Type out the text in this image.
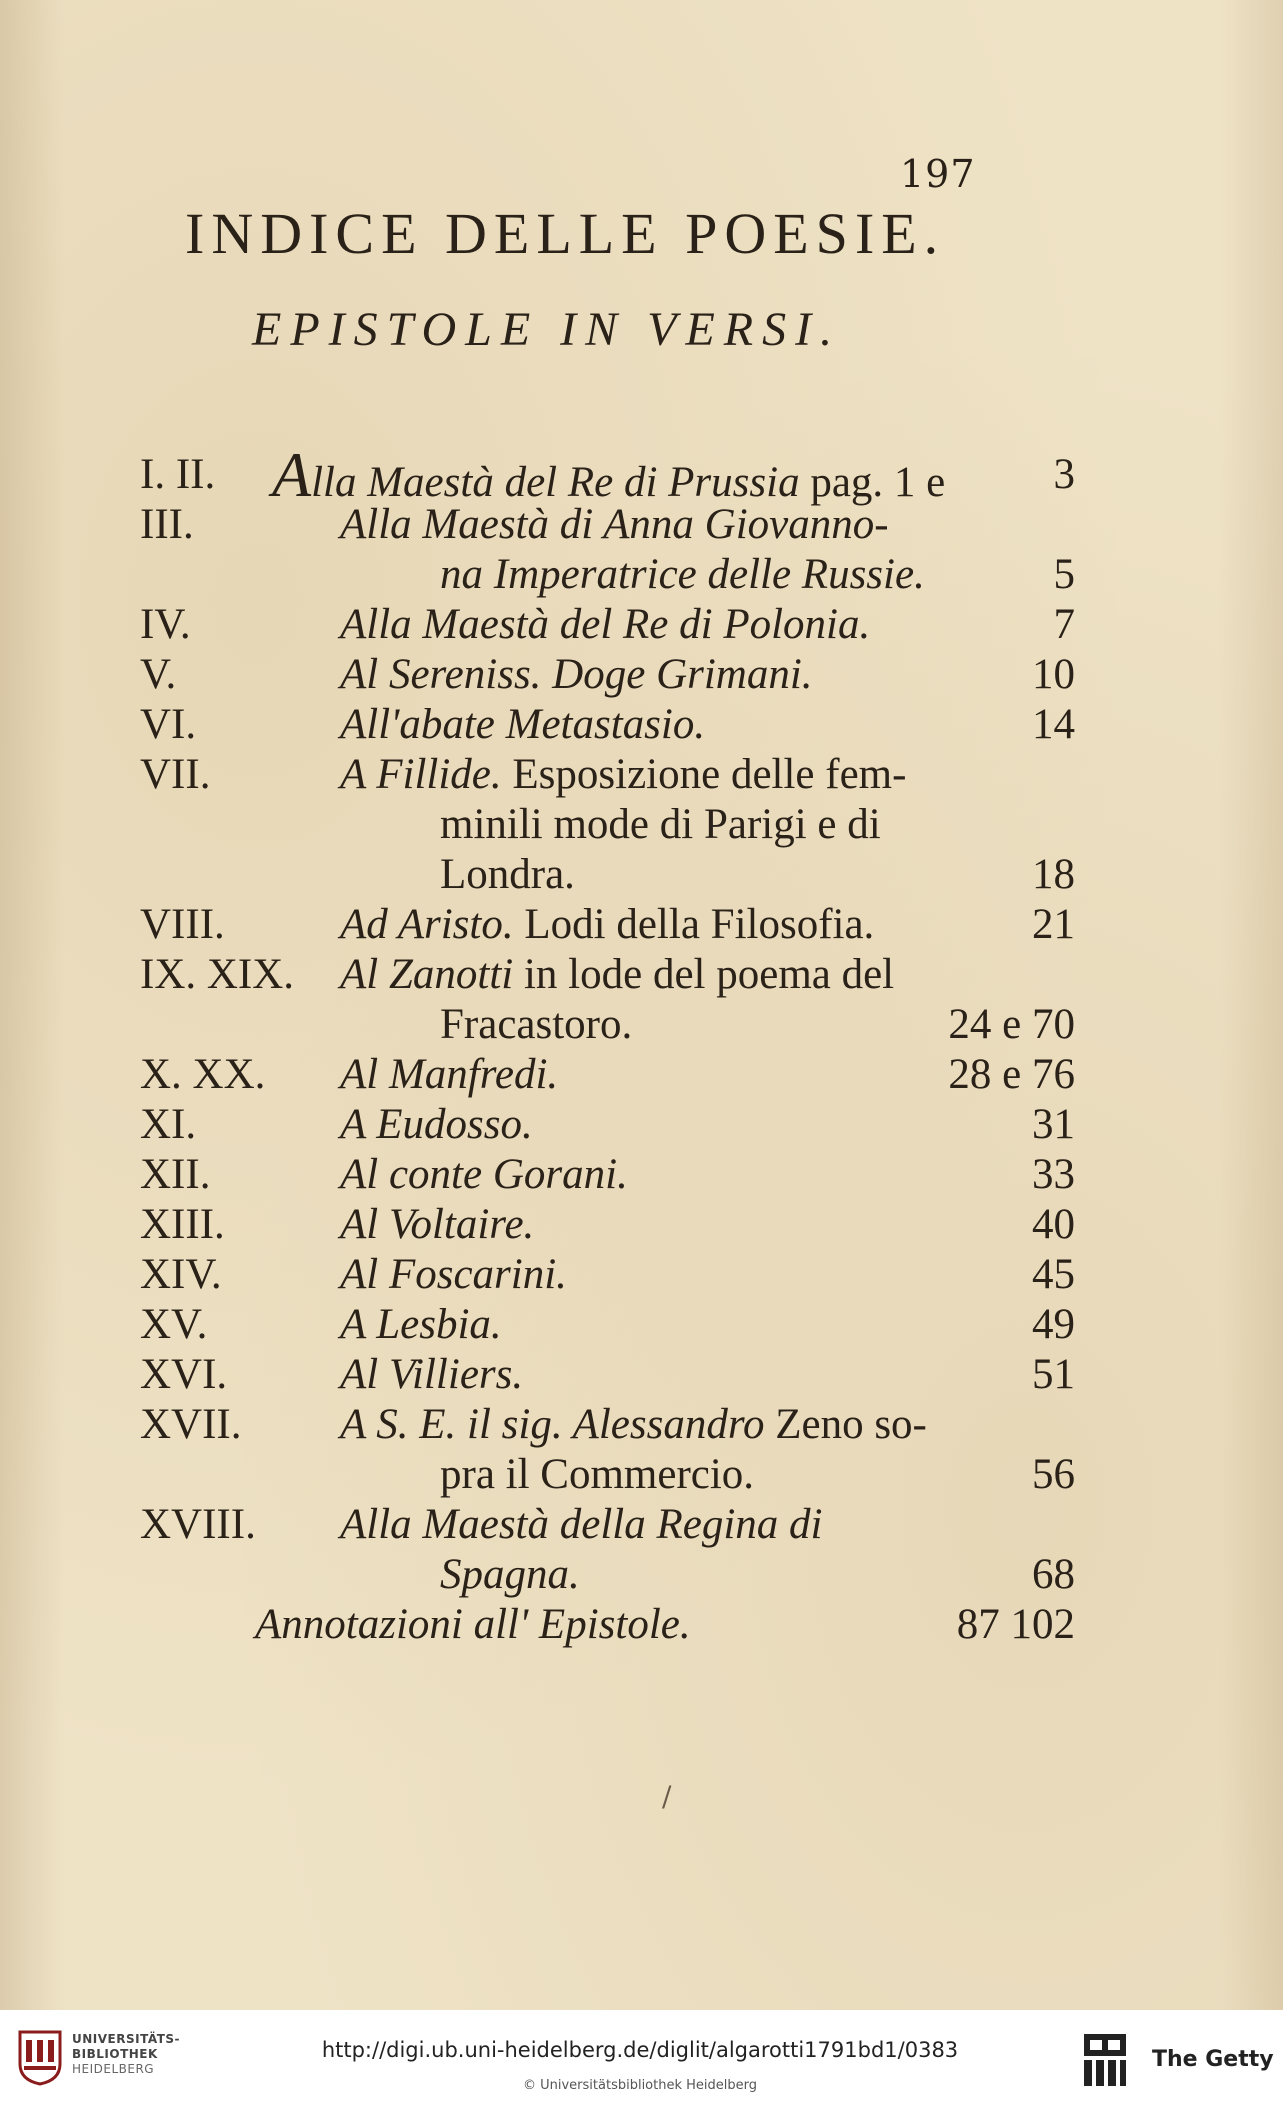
197
INDICE DELLE POESIE.
EPISTOLE IN VERSI.
I. II. Alla Maestà del Re di Prussia pag. 1 e	3
III.	Alla Maestà di Anna Giovanno-
na Imperatrice delle Russie.	5
IV.	Alla Maestà del Re di Polonia.	7
V.	Al Sereniss. Doge Grimani.	10
VI.	All'abate Metastasio.	14
VII.	A Fillide. Esposizione delle fem-
minili mode di Parigi e di
Londra.	18
VIII.	Ad Aristo. Lodi della Filosofia.	21
IX. XIX. Al Zanotti in lode del poema del
Fracastoro.	24 e 70
X. XX. Al Manfredi.	28 e 76
XI.	A Eudosso.	31
XII.	Al conte Gorani.	33
XIII.	Al Voltaire.	40
XIV.	Al Foscarini.	45
XV.	A Lesbia.	49
XVI.	Al Villiers.	51
XVII. A S. E. il sig. Alessandro Zeno so-
pra il Commercio.	56
XVIII. Alla Maestà della Regina di
Spagna.	68
Annotazioni all' Epistole.	87 102
/
UNIVERSITÄTS-
BIBLIOTHEK
HEIDELBERG
http://digi.ub.uni-heidelberg.de/diglit/algarotti1791bd1/0383
© Universitätsbibliothek Heidelberg
The Getty
